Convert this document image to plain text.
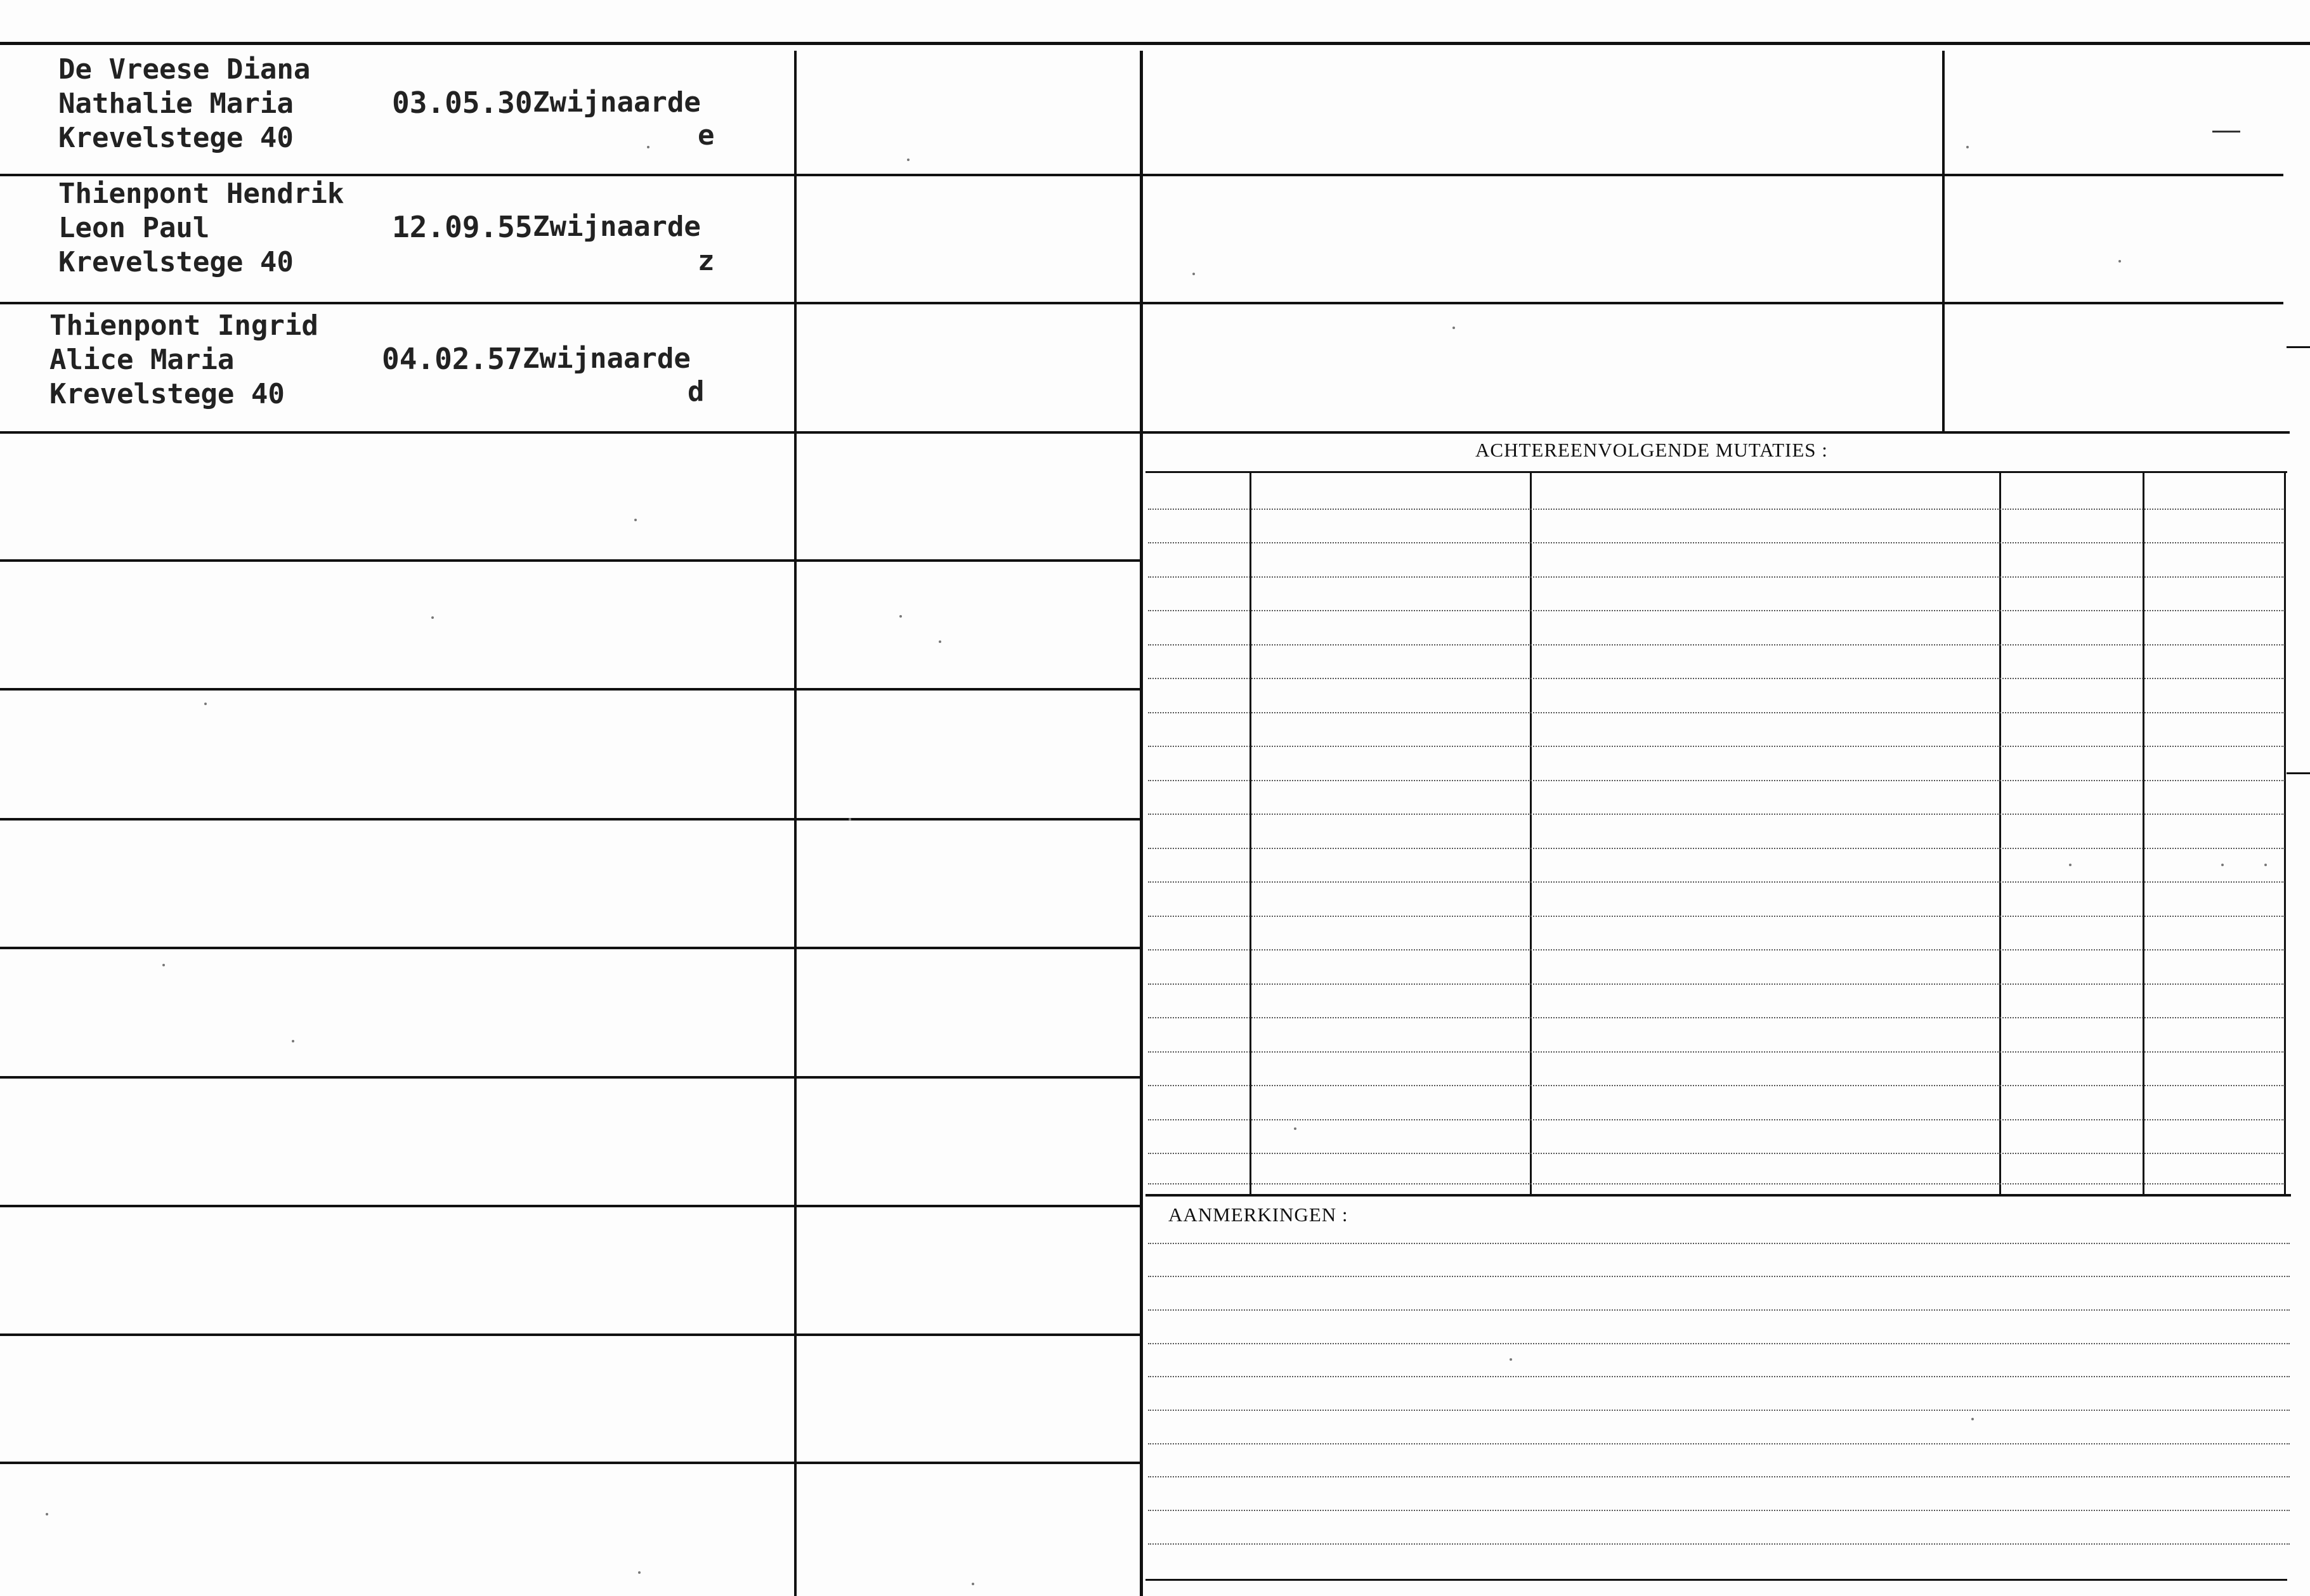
De Vreese Diana
Nathalie Maria
Krevelstege 40
03.05.30 Zwijnaarde
e
Thienpont Hendrik
Leon Paul
Krevelstege 40
12.09.55 Zwijnaarde
z
Thienpont Ingrid
Alice Maria
Krevelstege 40
04.02.57 Zwijnaarde
d
ACHTEREENVOLGENDE MUTATIES :
AANMERKINGEN :
